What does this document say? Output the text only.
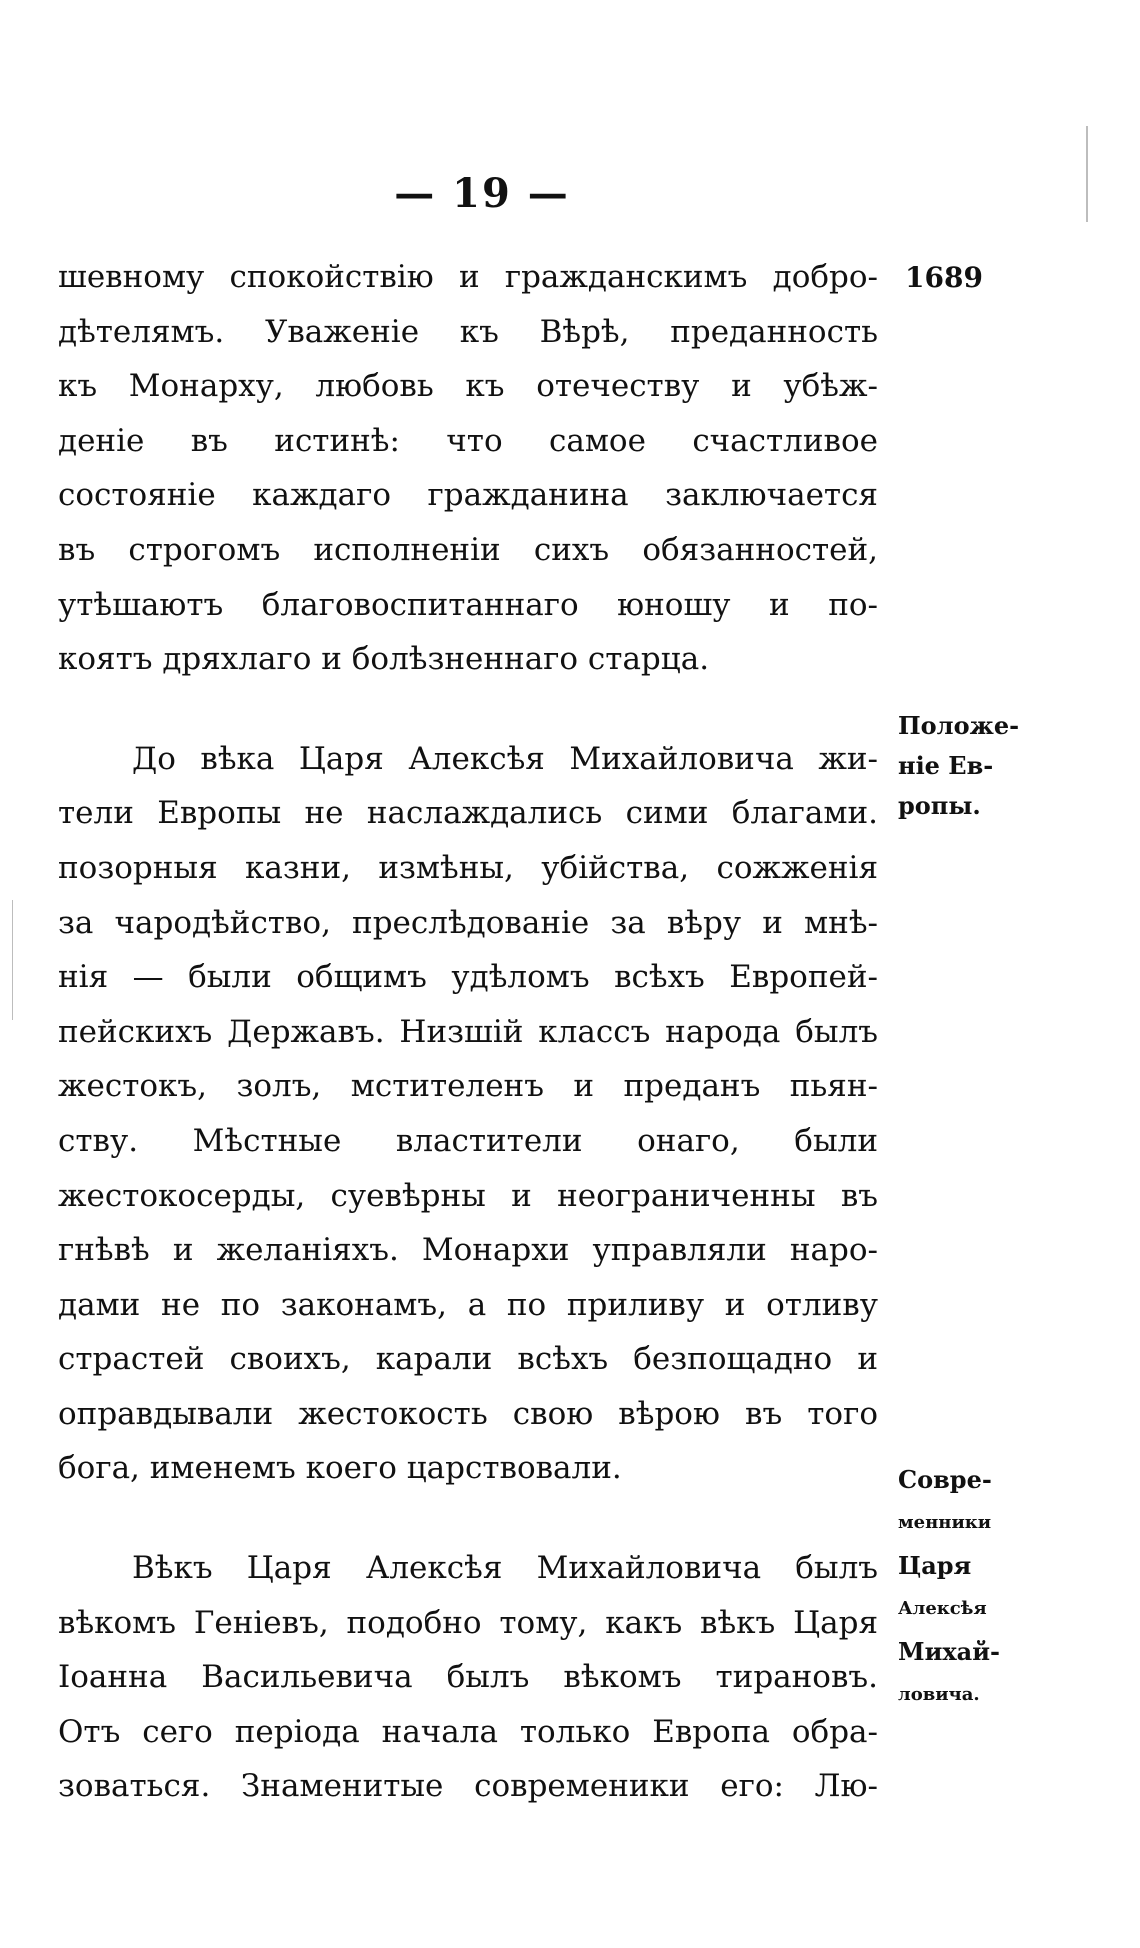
— 19 —
1689
Положе-
ніе Ев-
ропы.
Совре-
менники
Царя
Алексѣя
Михай-
ловича.
шевному спокойствію и гражданскимъ добро-
дѣтелямъ. Уваженіе къ Вѣрѣ, преданность
къ Монарху, любовь къ отечеству и убѣж-
деніе въ истинѣ: что самое счастливое
состояніе каждаго гражданина заключается
въ строгомъ исполненіи сихъ обязанностей,
утѣшаютъ благовоспитаннаго юношу и по-
коятъ дряхлаго и болѣзненнаго старца.
До вѣка Царя Алексѣя Михайловича жи-
тели Европы не наслаждались сими благами.
позорныя казни, измѣны, убійства, сожженія
за чародѣйство, преслѣдованіе за вѣру и мнѣ-
нія — были общимъ удѣломъ всѣхъ Европей-
пейскихъ Державъ. Низшій классъ народа былъ
жестокъ, золъ, мстителенъ и преданъ пьян-
ству. Мѣстные властители онаго, были
жестокосерды, суевѣрны и неограниченны въ
гнѣвѣ и желаніяхъ. Монархи управляли наро-
дами не по законамъ, а по приливу и отливу
страстей своихъ, карали всѣхъ безпощадно и
оправдывали жестокость свою вѣрою въ того
бога, именемъ коего царствовали.
Вѣкъ Царя Алексѣя Михайловича былъ
вѣкомъ Геніевъ, подобно тому, какъ вѣкъ Царя
Іоанна Васильевича былъ вѣкомъ тирановъ.
Отъ сего періода начала только Европа обра-
зоваться. Знаменитые современики его: Лю-
